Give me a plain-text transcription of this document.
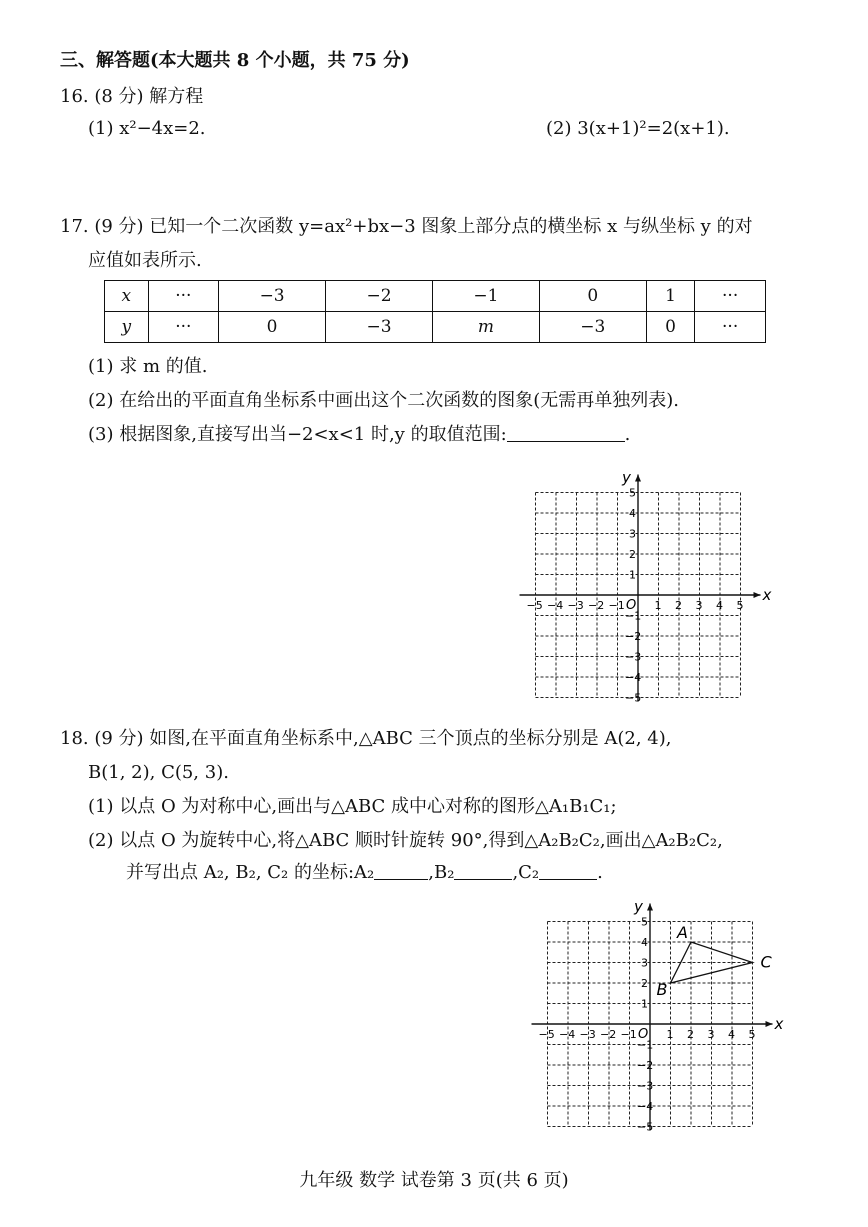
三、解答题(本大题共 8 个小题，共 75 分)
16. (8 分) 解方程
(1) x²−4x=2.	(2) 3(x+1)²=2(x+1).
17. (9 分) 已知一个二次函数 y=ax²+bx−3 图象上部分点的横坐标 x 与纵坐标 y 的对
应值如表所示.
x	···	−3	−2	−1	0	1	···
y	···	0	−3	m	−3	0	···
(1) 求 m 的值.
(2) 在给出的平面直角坐标系中画出这个二次函数的图象(无需再单独列表).
(3) 根据图象,直接写出当−2<x<1 时,y 的取值范围:	.
x
y
O 1
−1
1
−1
2
−2
2
−2
3
−3
3
−3
4
−4
4
−4
5
−5
5
−5
18. (9 分) 如图,在平面直角坐标系中,△ABC 三个顶点的坐标分别是 A(2, 4),
B(1, 2), C(5, 3).
(1) 以点 O 为对称中心,画出与△ABC 成中心对称的图形△A₁B₁C₁;
(2) 以点 O 为旋转中心,将△ABC 顺时针旋转 90°,得到△A₂B₂C₂,画出△A₂B₂C₂,
并写出点 A₂, B₂, C₂ 的坐标:A₂	,B₂	,C₂	.
x
y
O 1
−1
1
−1
2
−2
2
−2
3
−3
3
−3
4
−4
4
−4
5
−5
5
−5
A
B
C
九年级 数学 试卷第 3 页(共 6 页)
